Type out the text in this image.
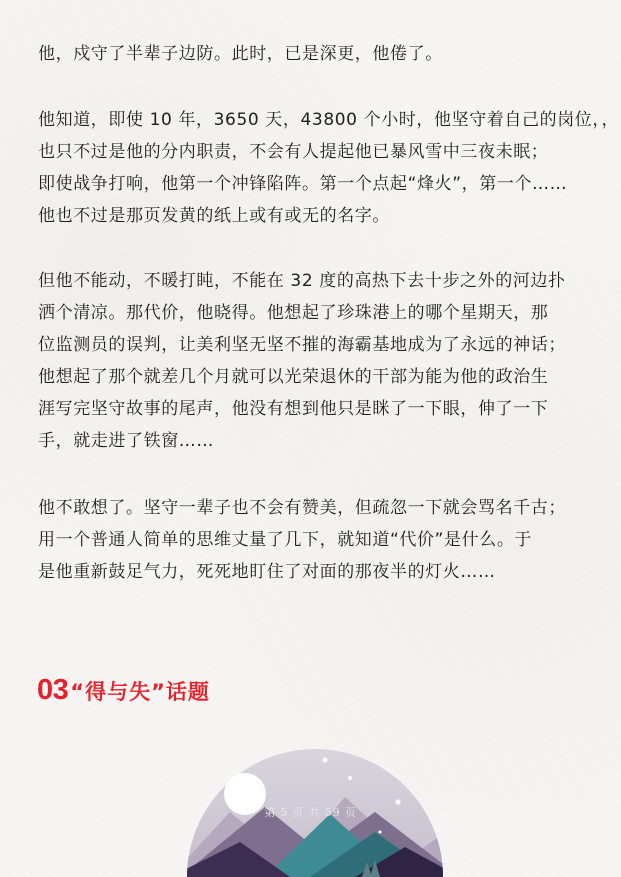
他，戍守了半辈子边防。此时，已是深更，他倦了。
他知道，即使 10 年，3650 天，43800 个小时，他坚守着自己的岗位，，
也只不过是他的分内职责，不会有人提起他已暴风雪中三夜未眠；
即使战争打响，他第一个冲锋陷阵。第一个点起“烽火”，第一个……
他也不过是那页发黄的纸上或有或无的名字。
但他不能动，不暖打盹，不能在 32 度的高热下去十步之外的河边扑
洒个清凉。那代价，他晓得。他想起了珍珠港上的哪个星期天，那
位监测员的误判，让美利坚无坚不摧的海霸基地成为了永远的神话；
他想起了那个就差几个月就可以光荣退休的干部为能为他的政治生
涯写完坚守故事的尾声，他没有想到他只是眯了一下眼，伸了一下
手，就走进了铁窗……
他不敢想了。坚守一辈子也不会有赞美，但疏忽一下就会骂名千古；
用一个普通人简单的思维丈量了几下，就知道“代价”是什么。于
是他重新鼓足气力，死死地盯住了对面的那夜半的灯火……
03“得与失”话题
第 5 页 共 59 页
